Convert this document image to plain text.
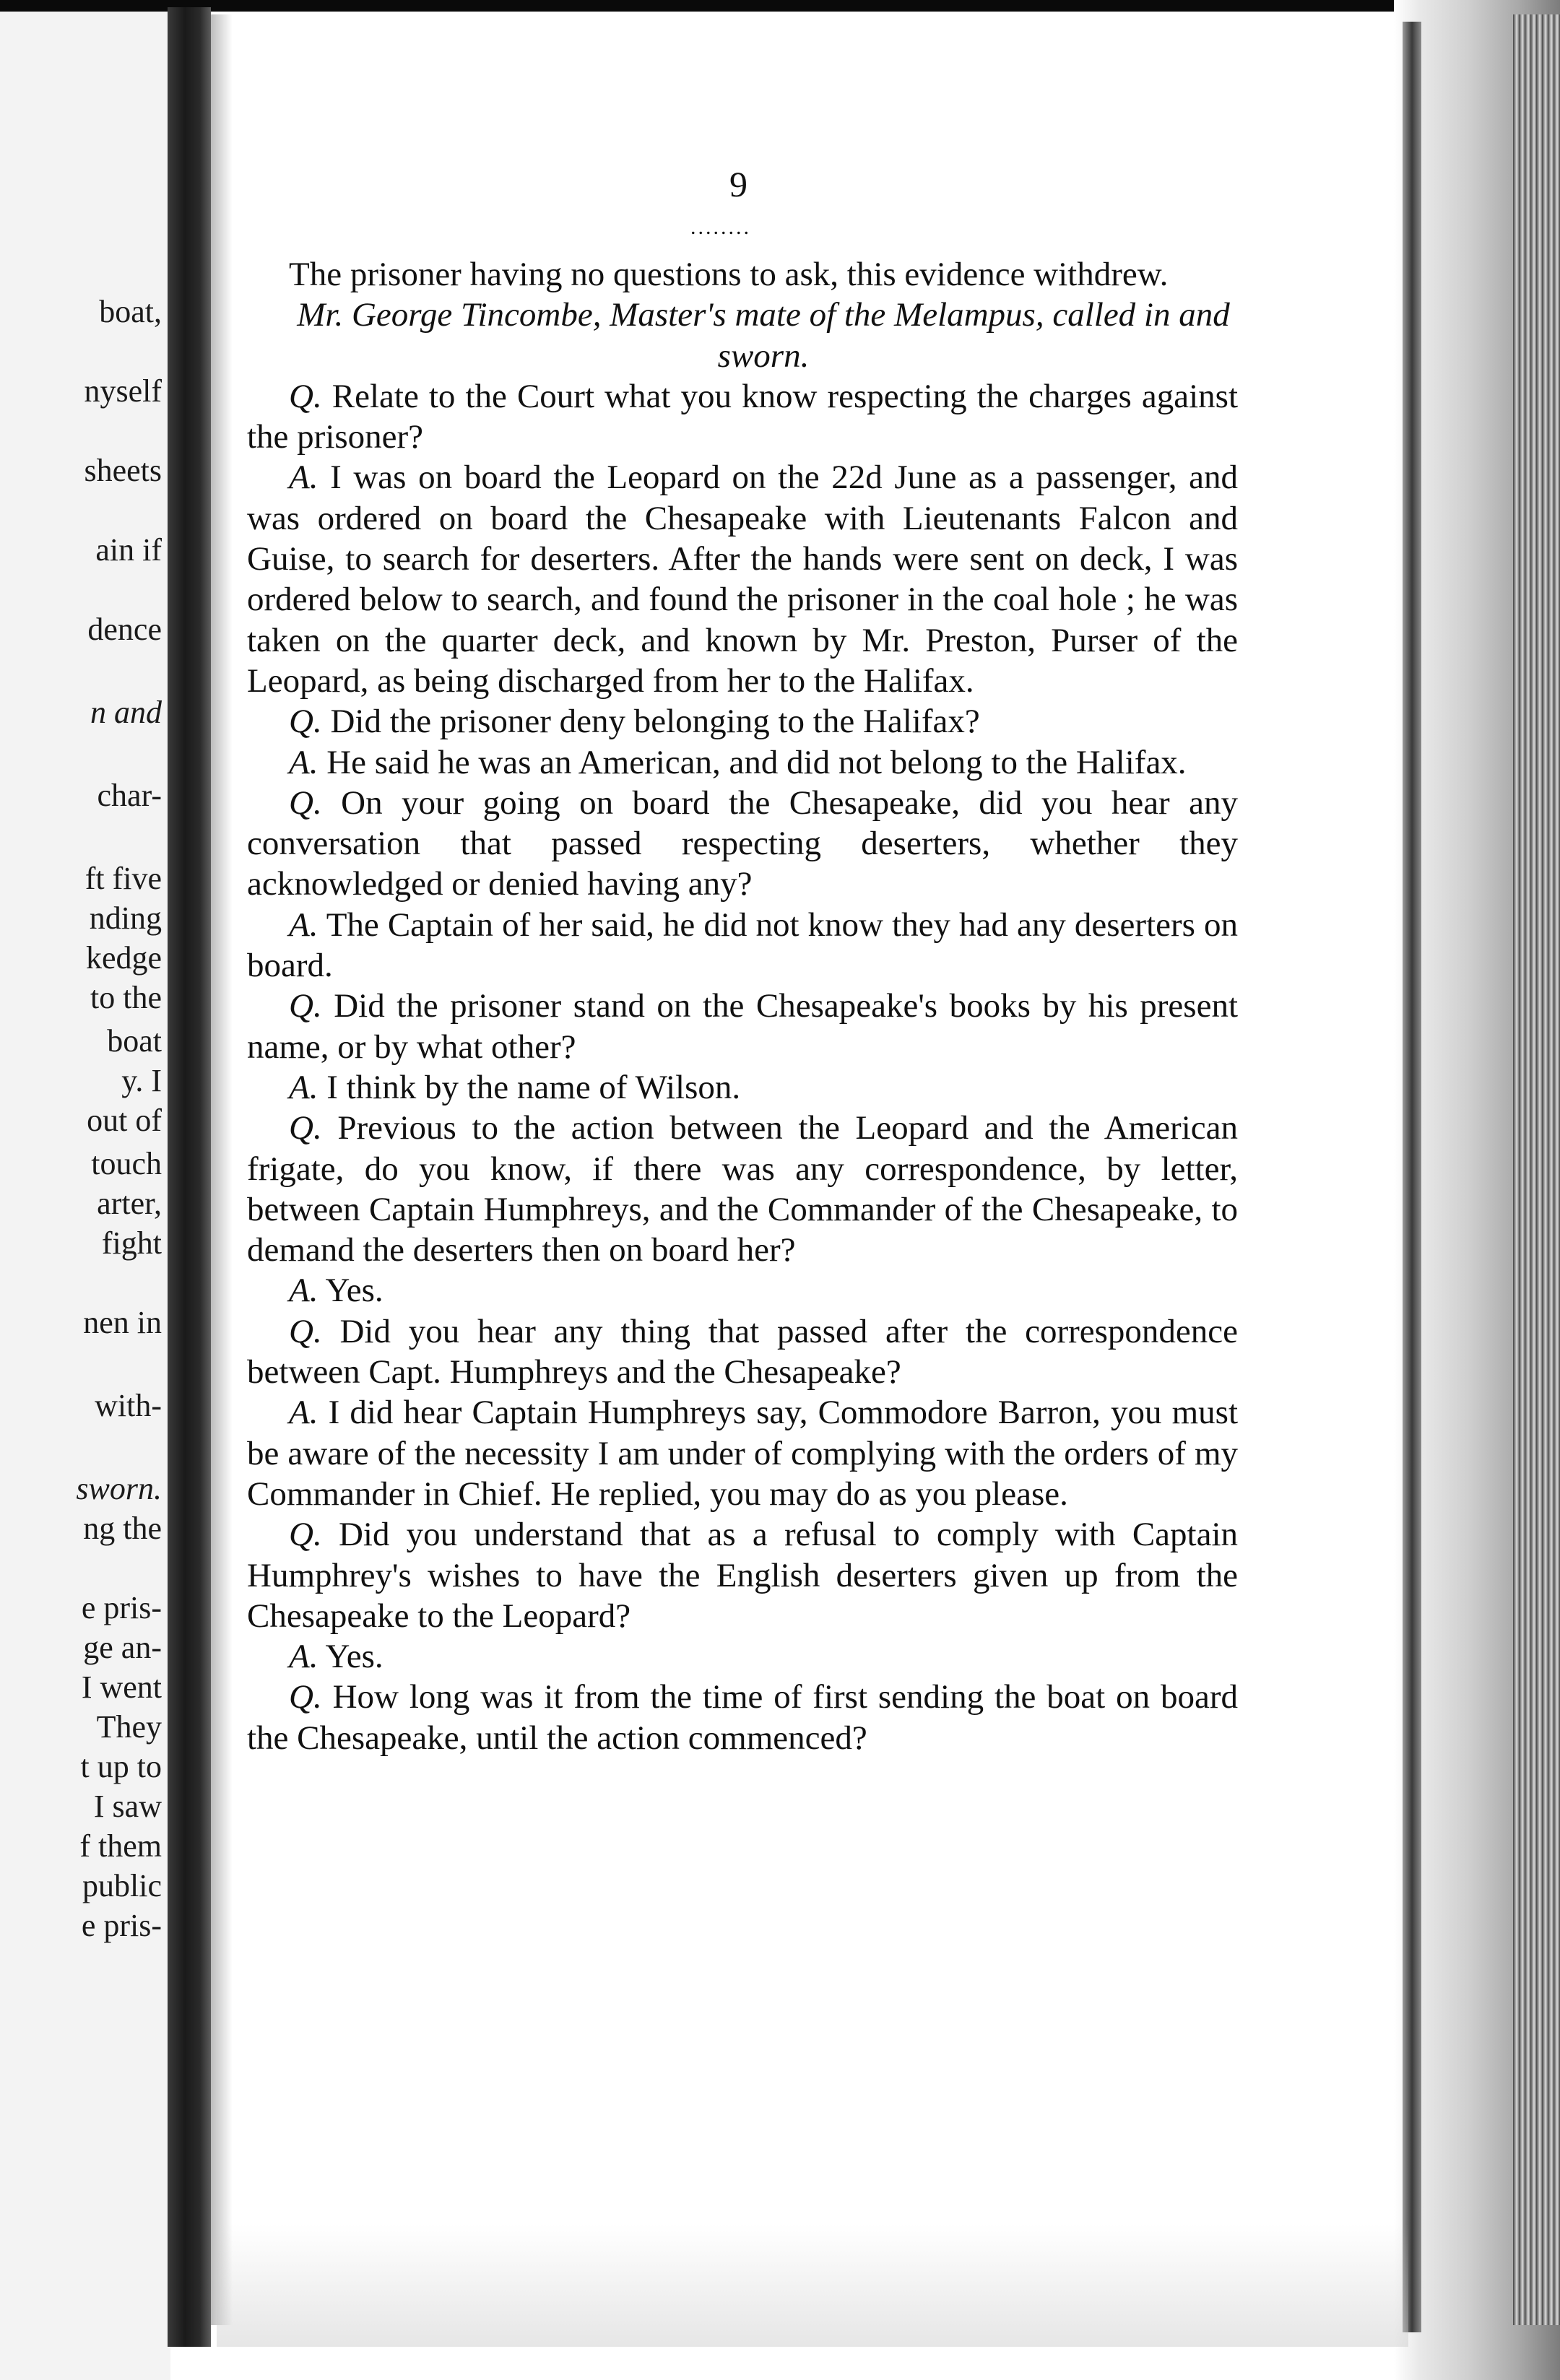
boat,
nyself
sheets
ain if
dence
n and
char-
ft five
nding
kedge
to the
boat
y. I
out of
touch
arter,
fight
nen in
with-
sworn.
ng the
e pris-
ge an-
I went
They
t up to
I saw
f them
public
e pris-
9
........

The prisoner having no questions to ask, this evidence withdrew.

Mr. George Tincombe, Master's mate of the Melampus, called in and sworn.

Q. Relate to the Court what you know respecting the charges against the prisoner?

A. I was on board the Leopard on the 22d June as a passenger, and was ordered on board the Chesapeake with Lieutenants Falcon and Guise, to search for deserters. After the hands were sent on deck, I was ordered below to search, and found the prisoner in the coal hole ; he was taken on the quarter deck, and known by Mr. Preston, Purser of the Leopard, as being discharged from her to the Halifax.

Q. Did the prisoner deny belonging to the Halifax?

A. He said he was an American, and did not belong to the Halifax.

Q. On your going on board the Chesapeake, did you hear any conversation that passed respecting deserters, whether they acknowledged or denied having any?

A. The Captain of her said, he did not know they had any deserters on board.

Q. Did the prisoner stand on the Chesapeake's books by his present name, or by what other?

A. I think by the name of Wilson.

Q. Previous to the action between the Leopard and the American frigate, do you know, if there was any correspondence, by letter, between Captain Humphreys, and the Commander of the Chesapeake, to demand the deserters then on board her?

A. Yes.

Q. Did you hear any thing that passed after the correspondence between Capt. Humphreys and the Chesapeake?

A. I did hear Captain Humphreys say, Commodore Barron, you must be aware of the necessity I am under of complying with the orders of my Commander in Chief. He replied, you may do as you please.

Q. Did you understand that as a refusal to comply with Captain Humphrey's wishes to have the English deserters given up from the Chesapeake to the Leopard?

A. Yes.

Q. How long was it from the time of first sending the boat on board the Chesapeake, until the action commenced?
